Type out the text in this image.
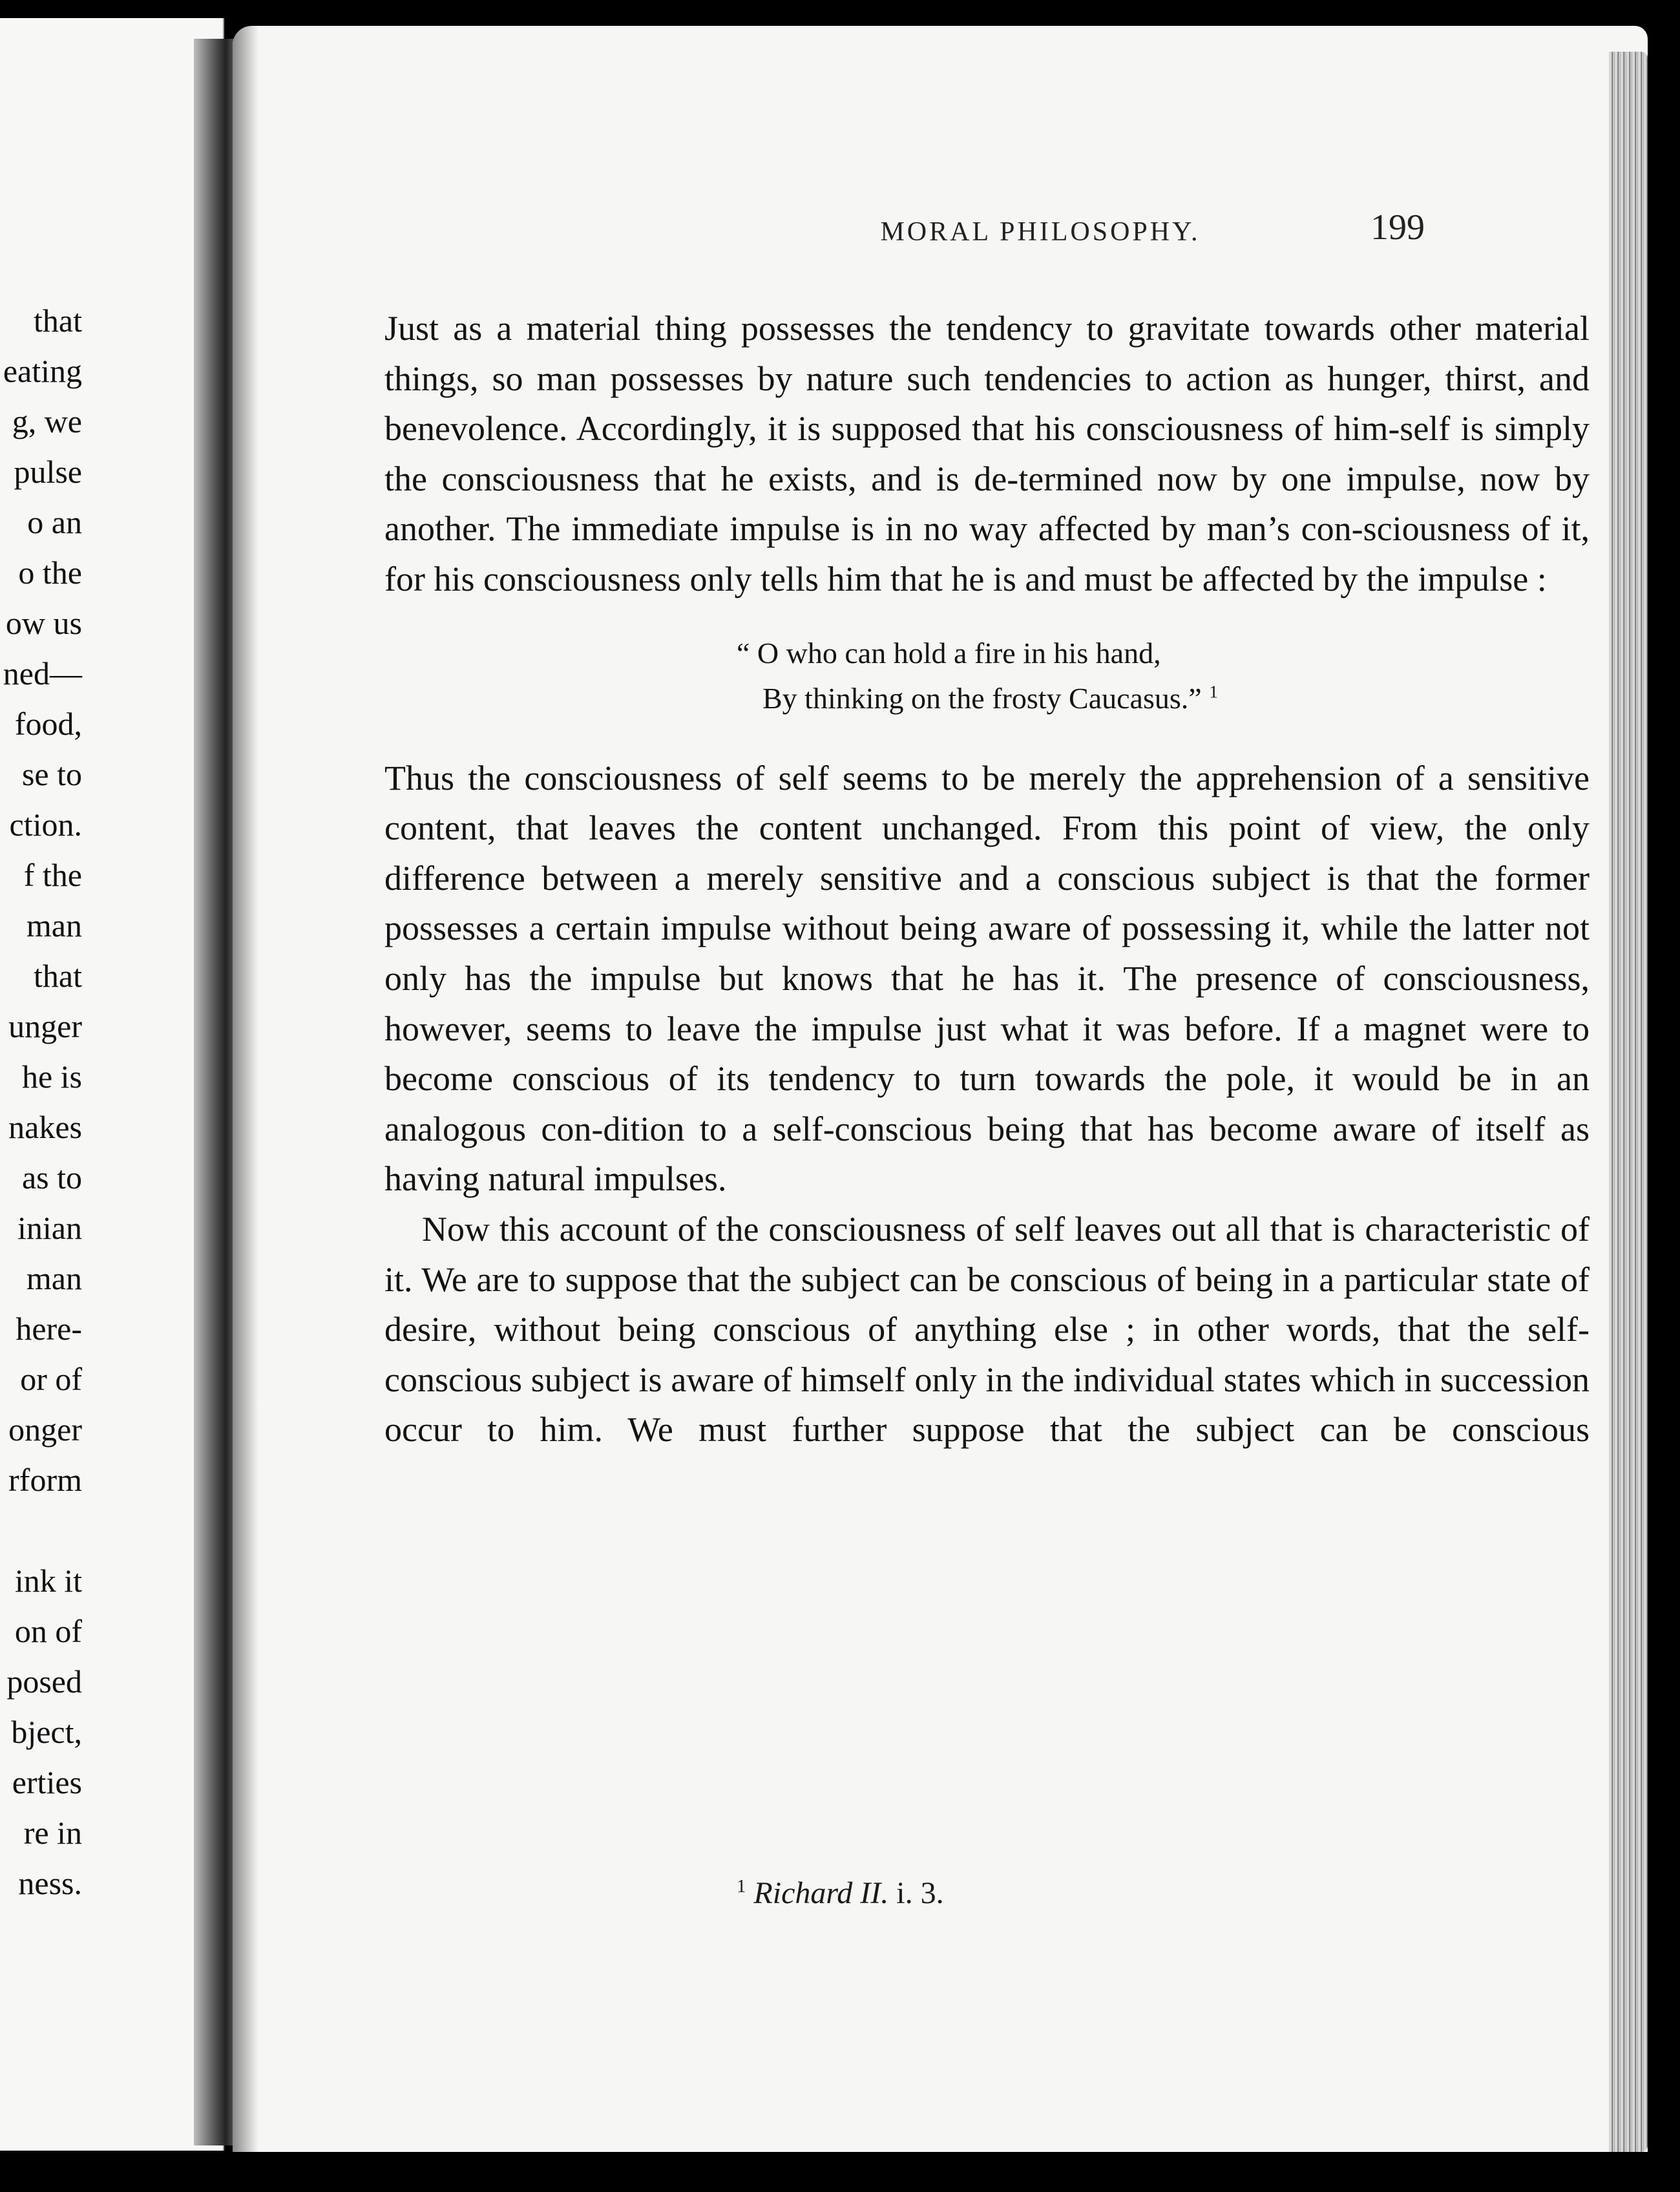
that
eating
g, we
pulse
o an
o the
ow us
ned—
food,
se to
ction.
f the
man
that
unger
he is
nakes
as to
inian
man
here-
or of
onger
rform
ink it
on of
posed
bject,
erties
re in
ness.
MORAL PHILOSOPHY.	199

Just as a material thing possesses the tendency to gravitate towards other material things, so man possesses by nature such tendencies to action as hunger, thirst, and benevolence. Accordingly, it is supposed that his consciousness of him-self is simply the consciousness that he exists, and is de-termined now by one impulse, now by another. The immediate impulse is in no way affected by man’s con-sciousness of it, for his consciousness only tells him that he is and must be affected by the impulse :

“ O who can hold a fire in his hand,
By thinking on the frosty Caucasus.” $^1$

Thus the consciousness of self seems to be merely the apprehension of a sensitive content, that leaves the content unchanged. From this point of view, the only difference between a merely sensitive and a conscious subject is that the former possesses a certain impulse without being aware of possessing it, while the latter not only has the impulse but knows that he has it. The presence of consciousness, however, seems to leave the impulse just what it was before. If a magnet were to become conscious of its tendency to turn towards the pole, it would be in an analogous con-dition to a self-conscious being that has become aware of itself as having natural impulses.

Now this account of the consciousness of self leaves out all that is characteristic of it. We are to suppose that the subject can be conscious of being in a particular state of desire, without being conscious of anything else ; in other words, that the self-conscious subject is aware of himself only in the individual states which in succession occur to him. We must further suppose that the subject can be conscious

$^1$ Richard II. i. 3.
